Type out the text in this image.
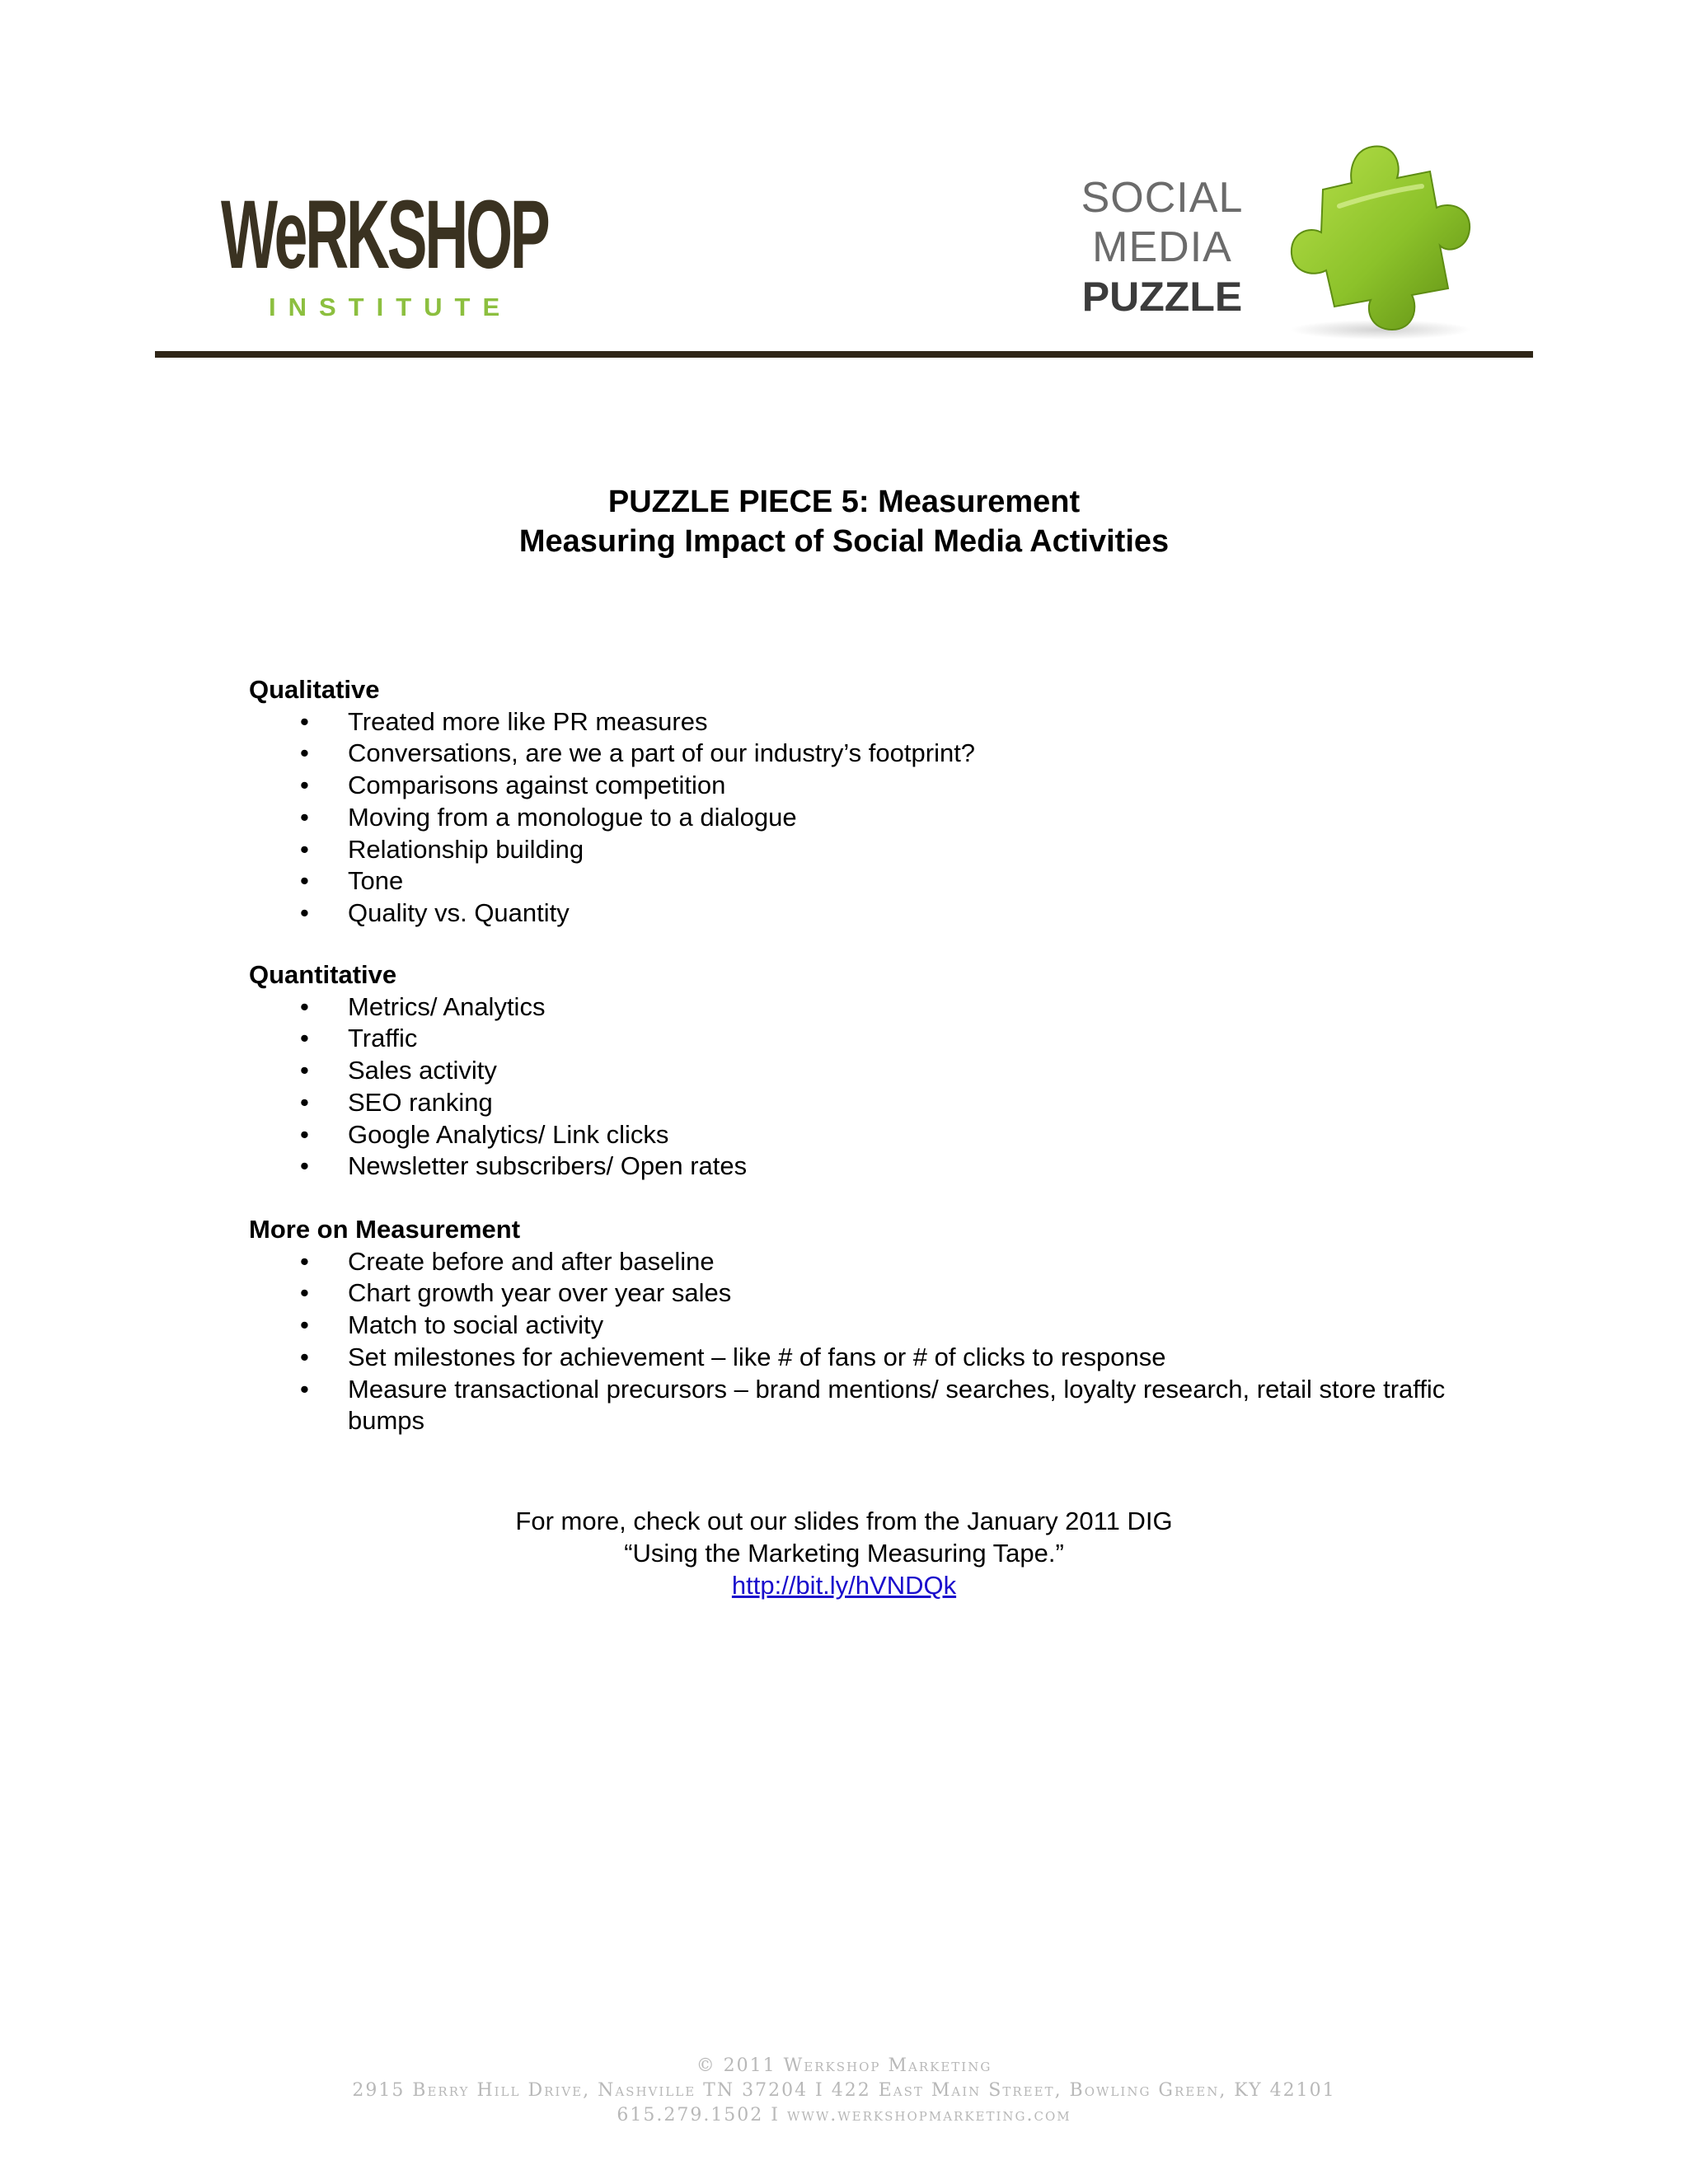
WeRKSHOP
INSTITUTE
SOCIAL
MEDIA
PUZZLE
PUZZLE PIECE 5: Measurement
Measuring Impact of Social Media Activities

Qualitative

• Treated more like PR measures
• Conversations, are we a part of our industry’s footprint?
• Comparisons against competition
• Moving from a monologue to a dialogue
• Relationship building
• Tone
• Quality vs. Quantity

Quantitative

• Metrics/ Analytics
• Traffic
• Sales activity
• SEO ranking
• Google Analytics/ Link clicks
• Newsletter subscribers/ Open rates

More on Measurement

• Create before and after baseline
• Chart growth year over year sales
• Match to social activity
• Set milestones for achievement – like # of fans or # of clicks to response
• Measure transactional precursors – brand mentions/ searches, loyalty research, retail store traffic bumps
For more, check out our slides from the January 2011 DIG
“Using the Marketing Measuring Tape.”
http://bit.ly/hVNDQk
© 2011 Werkshop Marketing
2915 Berry Hill Drive, Nashville TN 37204 I 422 East Main Street, Bowling Green, KY 42101
615.279.1502 I www.werkshopmarketing.com
